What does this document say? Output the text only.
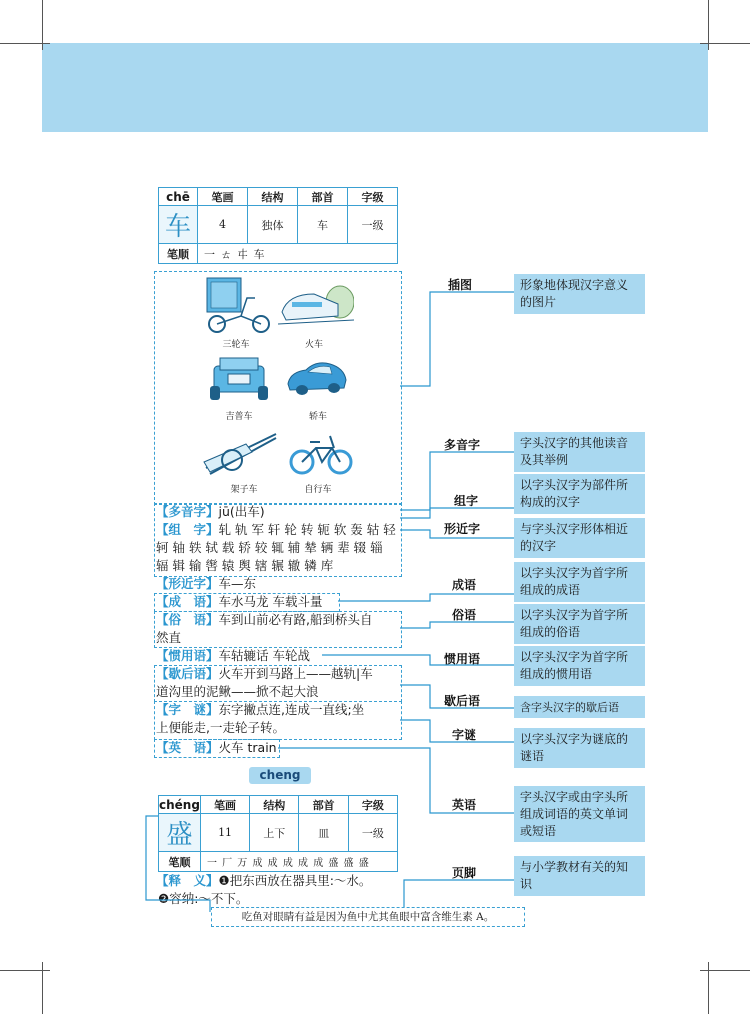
chē	笔画	结构	部首	字级
车	4	独体	车	一级
笔顺	一 ㄊ 㐄 车			
三轮车	火车
吉普车	轿车
架子车	自行车
【多音字】jū(出车)
【组　字】轧 轨 军 轩 轮 转 轭 软 轰 轱 轻
轲 轴 轶 轼 载 轿 较 辄 辅 辇 辆 辈 辍 辎
辐 辑 输 辔 辕 舆 辖 辗 辙 辚 库
【形近字】车—东
【成　语】车水马龙 车载斗量
【俗　语】车到山前必有路,船到桥头自
然直
【惯用语】车轱辘话 车轮战
【歇后语】火车开到马路上——越轨|车
道沟里的泥鳅——掀不起大浪
【字　谜】东字撇点连,连成一直线;坐
上便能走,一走轮子转。
【英　语】火车 train
cheng
chéng	笔画	结构	部首	字级
盛	11	上下	皿	一级
笔顺	一 厂 万 成 成 成 成 成 盛 盛 盛			
【释　义】❶把东西放在器具里:～水。
❷容纳:～不下。
吃鱼对眼睛有益是因为鱼中尤其鱼眼中富含维生素 A。
插图
多音字
组字
形近字
成语
俗语
惯用语
歇后语
字谜
英语
页脚
形象地体现汉字意义的图片
字头汉字的其他读音及其举例
以字头汉字为部件所构成的汉字
与字头汉字形体相近的汉字
以字头汉字为首字所组成的成语
以字头汉字为首字所组成的俗语
以字头汉字为首字所组成的惯用语
含字头汉字的歇后语
以字头汉字为谜底的谜语
字头汉字或由字头所组成词语的英文单词或短语
与小学教材有关的知识
